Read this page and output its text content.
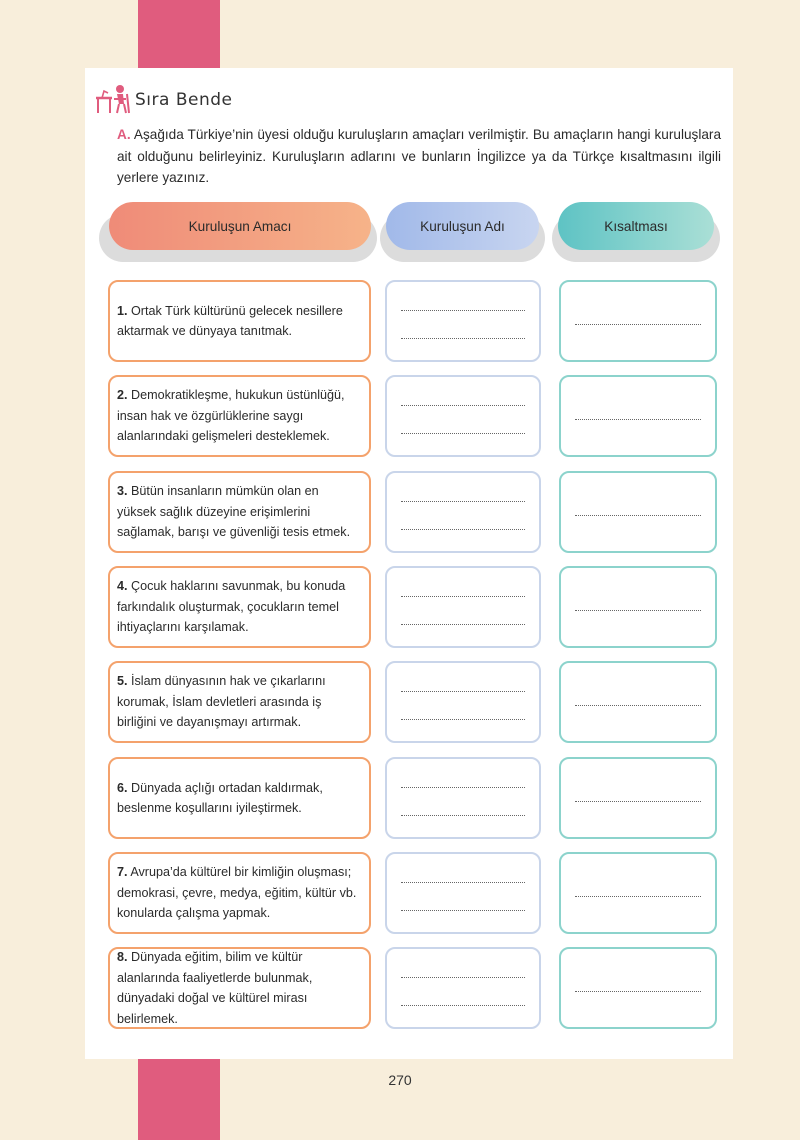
Sıra Bende
A. Aşağıda Türkiye’nin üyesi olduğu kuruluşların amaçları verilmiştir. Bu amaçların hangi kuruluşlara ait olduğunu belirleyiniz. Kuruluşların adlarını ve bunların İngilizce ya da Türkçe kısaltmasını ilgili yerlere yazınız.
Kuruluşun Amacı	Kuruluşun Adı	Kısaltması

1. Ortak Türk kültürünü gelecek nesillere aktarmak ve dünyaya tanıtmak.

2. Demokratikleşme, hukukun üstünlüğü, insan hak ve özgürlüklerine saygı alanlarındaki gelişmeleri desteklemek.

3. Bütün insanların mümkün olan en yüksek sağlık düzeyine erişimlerini sağlamak, barışı ve güvenliği tesis etmek.

4. Çocuk haklarını savunmak, bu konuda farkındalık oluşturmak, çocukların temel ihtiyaçlarını karşılamak.

5. İslam dünyasının hak ve çıkarlarını korumak, İslam devletleri arasında iş birliğini ve dayanışmayı artırmak.

6. Dünyada açlığı ortadan kaldırmak, beslenme koşullarını iyileştirmek.

7. Avrupa’da kültürel bir kimliğin oluşması; demokrasi, çevre, medya, eğitim, kültür vb. konularda çalışma yapmak.

8. Dünyada eğitim, bilim ve kültür alanlarında faaliyetlerde bulunmak, dünyadaki doğal ve kültürel mirası belirlemek.

270
